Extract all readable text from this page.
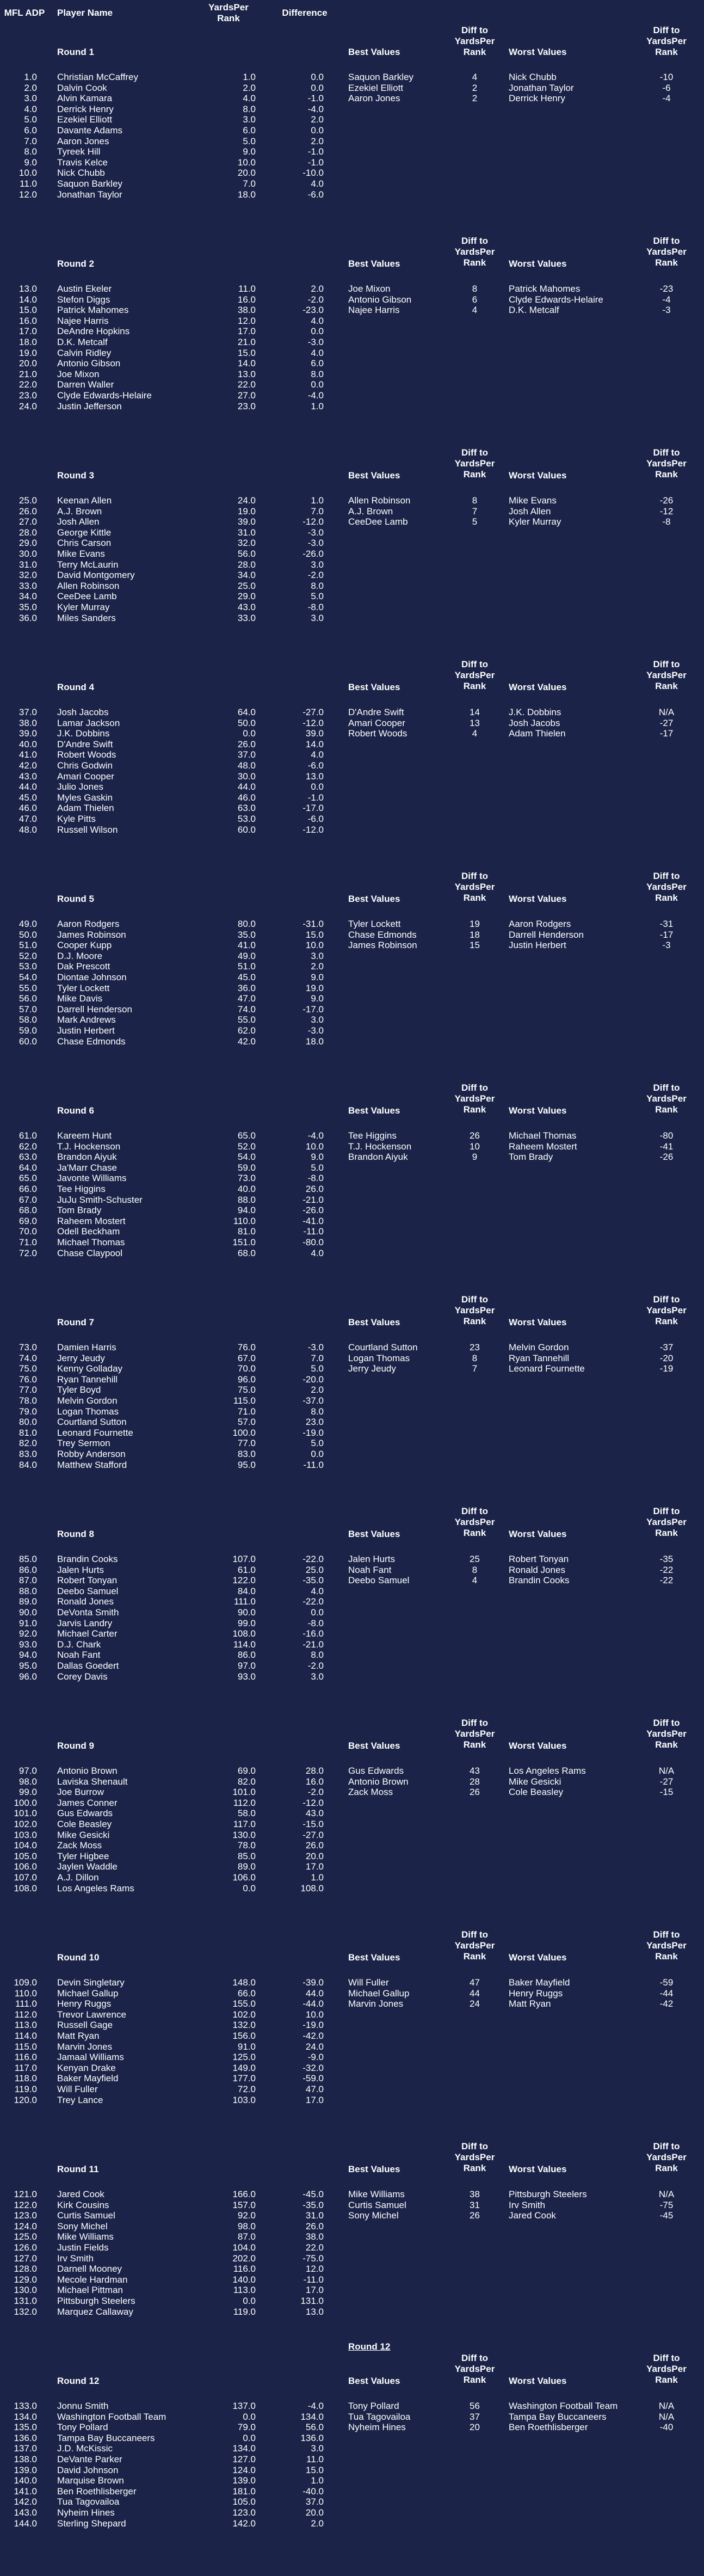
MFL ADP	Player Name
YardsPer Rank
Difference
Round 1	Best Values	Worst Values
Diff to YardsPer Rank
Diff to YardsPer Rank
1.0 Christian McCaffrey	1.0	0.0
2.0 Dalvin Cook	2.0	0.0
3.0 Alvin Kamara	4.0	-1.0
4.0 Derrick Henry	8.0	-4.0
5.0 Ezekiel Elliott	3.0	2.0
6.0 Davante Adams	6.0	0.0
7.0 Aaron Jones	5.0	2.0
8.0 Tyreek Hill	9.0	-1.0
9.0 Travis Kelce	10.0	-1.0
10.0 Nick Chubb	20.0	-10.0
11.0 Saquon Barkley	7.0	4.0
12.0 Jonathan Taylor	18.0	-6.0
Saquon Barkley	4	Nick Chubb	-10
Ezekiel Elliott	2	Jonathan Taylor	-6
Aaron Jones	2	Derrick Henry	-4
Round 2	Best Values	Worst Values
Diff to YardsPer Rank
Diff to YardsPer Rank
13.0 Austin Ekeler	11.0	2.0
14.0 Stefon Diggs	16.0	-2.0
15.0 Patrick Mahomes	38.0	-23.0
16.0 Najee Harris	12.0	4.0
17.0 DeAndre Hopkins	17.0	0.0
18.0 D.K. Metcalf	21.0	-3.0
19.0 Calvin Ridley	15.0	4.0
20.0 Antonio Gibson	14.0	6.0
21.0 Joe Mixon	13.0	8.0
22.0 Darren Waller	22.0	0.0
23.0 Clyde Edwards-Helaire	27.0	-4.0
24.0 Justin Jefferson	23.0	1.0
Joe Mixon	8	Patrick Mahomes	-23
Antonio Gibson	6	Clyde Edwards-Helaire	-4
Najee Harris	4	D.K. Metcalf	-3
Round 3	Best Values	Worst Values
Diff to YardsPer Rank
Diff to YardsPer Rank
25.0 Keenan Allen	24.0	1.0
26.0 A.J. Brown	19.0	7.0
27.0 Josh Allen	39.0	-12.0
28.0 George Kittle	31.0	-3.0
29.0 Chris Carson	32.0	-3.0
30.0 Mike Evans	56.0	-26.0
31.0 Terry McLaurin	28.0	3.0
32.0 David Montgomery	34.0	-2.0
33.0 Allen Robinson	25.0	8.0
34.0 CeeDee Lamb	29.0	5.0
35.0 Kyler Murray	43.0	-8.0
36.0 Miles Sanders	33.0	3.0
Allen Robinson	8	Mike Evans	-26
A.J. Brown	7	Josh Allen	-12
CeeDee Lamb	5	Kyler Murray	-8
Round 4	Best Values	Worst Values
Diff to YardsPer Rank
Diff to YardsPer Rank
37.0 Josh Jacobs	64.0	-27.0
38.0 Lamar Jackson	50.0	-12.0
39.0 J.K. Dobbins	0.0	39.0
40.0 D'Andre Swift	26.0	14.0
41.0 Robert Woods	37.0	4.0
42.0 Chris Godwin	48.0	-6.0
43.0 Amari Cooper	30.0	13.0
44.0 Julio Jones	44.0	0.0
45.0 Myles Gaskin	46.0	-1.0
46.0 Adam Thielen	63.0	-17.0
47.0 Kyle Pitts	53.0	-6.0
48.0 Russell Wilson	60.0	-12.0
D'Andre Swift	14	J.K. Dobbins	N/A
Amari Cooper	13	Josh Jacobs	-27
Robert Woods	4	Adam Thielen	-17
Round 5	Best Values	Worst Values
Diff to YardsPer Rank
Diff to YardsPer Rank
49.0 Aaron Rodgers	80.0	-31.0
50.0 James Robinson	35.0	15.0
51.0 Cooper Kupp	41.0	10.0
52.0 D.J. Moore	49.0	3.0
53.0 Dak Prescott	51.0	2.0
54.0 Diontae Johnson	45.0	9.0
55.0 Tyler Lockett	36.0	19.0
56.0 Mike Davis	47.0	9.0
57.0 Darrell Henderson	74.0	-17.0
58.0 Mark Andrews	55.0	3.0
59.0 Justin Herbert	62.0	-3.0
60.0 Chase Edmonds	42.0	18.0
Tyler Lockett	19	Aaron Rodgers	-31
Chase Edmonds	18	Darrell Henderson	-17
James Robinson	15	Justin Herbert	-3
Round 6	Best Values	Worst Values
Diff to YardsPer Rank
Diff to YardsPer Rank
61.0 Kareem Hunt	65.0	-4.0
62.0 T.J. Hockenson	52.0	10.0
63.0 Brandon Aiyuk	54.0	9.0
64.0 Ja'Marr Chase	59.0	5.0
65.0 Javonte Williams	73.0	-8.0
66.0 Tee Higgins	40.0	26.0
67.0 JuJu Smith-Schuster	88.0	-21.0
68.0 Tom Brady	94.0	-26.0
69.0 Raheem Mostert	110.0	-41.0
70.0 Odell Beckham	81.0	-11.0
71.0 Michael Thomas	151.0	-80.0
72.0 Chase Claypool	68.0	4.0
Tee Higgins	26	Michael Thomas	-80
T.J. Hockenson	10	Raheem Mostert	-41
Brandon Aiyuk	9	Tom Brady	-26
Round 7	Best Values	Worst Values
Diff to YardsPer Rank
Diff to YardsPer Rank
73.0 Damien Harris	76.0	-3.0
74.0 Jerry Jeudy	67.0	7.0
75.0 Kenny Golladay	70.0	5.0
76.0 Ryan Tannehill	96.0	-20.0
77.0 Tyler Boyd	75.0	2.0
78.0 Melvin Gordon	115.0	-37.0
79.0 Logan Thomas	71.0	8.0
80.0 Courtland Sutton	57.0	23.0
81.0 Leonard Fournette	100.0	-19.0
82.0 Trey Sermon	77.0	5.0
83.0 Robby Anderson	83.0	0.0
84.0 Matthew Stafford	95.0	-11.0
Courtland Sutton	23	Melvin Gordon	-37
Logan Thomas	8	Ryan Tannehill	-20
Jerry Jeudy	7	Leonard Fournette	-19
Round 8	Best Values	Worst Values
Diff to YardsPer Rank
Diff to YardsPer Rank
85.0 Brandin Cooks	107.0	-22.0
86.0 Jalen Hurts	61.0	25.0
87.0 Robert Tonyan	122.0	-35.0
88.0 Deebo Samuel	84.0	4.0
89.0 Ronald Jones	111.0	-22.0
90.0 DeVonta Smith	90.0	0.0
91.0 Jarvis Landry	99.0	-8.0
92.0 Michael Carter	108.0	-16.0
93.0 D.J. Chark	114.0	-21.0
94.0 Noah Fant	86.0	8.0
95.0 Dallas Goedert	97.0	-2.0
96.0 Corey Davis	93.0	3.0
Jalen Hurts	25	Robert Tonyan	-35
Noah Fant	8	Ronald Jones	-22
Deebo Samuel	4	Brandin Cooks	-22
Round 9	Best Values	Worst Values
Diff to YardsPer Rank
Diff to YardsPer Rank
97.0 Antonio Brown	69.0	28.0
98.0 Laviska Shenault	82.0	16.0
99.0 Joe Burrow	101.0	-2.0
100.0 James Conner	112.0	-12.0
101.0 Gus Edwards	58.0	43.0
102.0 Cole Beasley	117.0	-15.0
103.0 Mike Gesicki	130.0	-27.0
104.0 Zack Moss	78.0	26.0
105.0 Tyler Higbee	85.0	20.0
106.0 Jaylen Waddle	89.0	17.0
107.0 A.J. Dillon	106.0	1.0
108.0 Los Angeles Rams	0.0	108.0
Gus Edwards	43	Los Angeles Rams	N/A
Antonio Brown	28	Mike Gesicki	-27
Zack Moss	26	Cole Beasley	-15
Round 10	Best Values	Worst Values
Diff to YardsPer Rank
Diff to YardsPer Rank
109.0 Devin Singletary	148.0	-39.0
110.0 Michael Gallup	66.0	44.0
111.0 Henry Ruggs	155.0	-44.0
112.0 Trevor Lawrence	102.0	10.0
113.0 Russell Gage	132.0	-19.0
114.0 Matt Ryan	156.0	-42.0
115.0 Marvin Jones	91.0	24.0
116.0 Jamaal Williams	125.0	-9.0
117.0 Kenyan Drake	149.0	-32.0
118.0 Baker Mayfield	177.0	-59.0
119.0 Will Fuller	72.0	47.0
120.0 Trey Lance	103.0	17.0
Will Fuller	47	Baker Mayfield	-59
Michael Gallup	44	Henry Ruggs	-44
Marvin Jones	24	Matt Ryan	-42
Round 11	Best Values	Worst Values
Diff to YardsPer Rank
Diff to YardsPer Rank
121.0 Jared Cook	166.0	-45.0
122.0 Kirk Cousins	157.0	-35.0
123.0 Curtis Samuel	92.0	31.0
124.0 Sony Michel	98.0	26.0
125.0 Mike Williams	87.0	38.0
126.0 Justin Fields	104.0	22.0
127.0 Irv Smith	202.0	-75.0
128.0 Darnell Mooney	116.0	12.0
129.0 Mecole Hardman	140.0	-11.0
130.0 Michael Pittman	113.0	17.0
131.0 Pittsburgh Steelers	0.0	131.0
132.0 Marquez Callaway	119.0	13.0
Mike Williams	38	Pittsburgh Steelers	N/A
Curtis Samuel	31	Irv Smith	-75
Sony Michel	26	Jared Cook	-45
Round 12	Best Values	Worst Values
Diff to YardsPer Rank
Diff to YardsPer Rank
133.0 Jonnu Smith	137.0	-4.0
134.0 Washington Football Team	0.0	134.0
135.0 Tony Pollard	79.0	56.0
136.0 Tampa Bay Buccaneers	0.0	136.0
137.0 J.D. McKissic	134.0	3.0
138.0 DeVante Parker	127.0	11.0
139.0 David Johnson	124.0	15.0
140.0 Marquise Brown	139.0	1.0
141.0 Ben Roethlisberger	181.0	-40.0
142.0 Tua Tagovailoa	105.0	37.0
143.0 Nyheim Hines	123.0	20.0
144.0 Sterling Shepard	142.0	2.0
Tony Pollard	56	Washington Football Team	N/A
Tua Tagovailoa	37	Tampa Bay Buccaneers	N/A
Nyheim Hines	20	Ben Roethlisberger	-40
Round 12
